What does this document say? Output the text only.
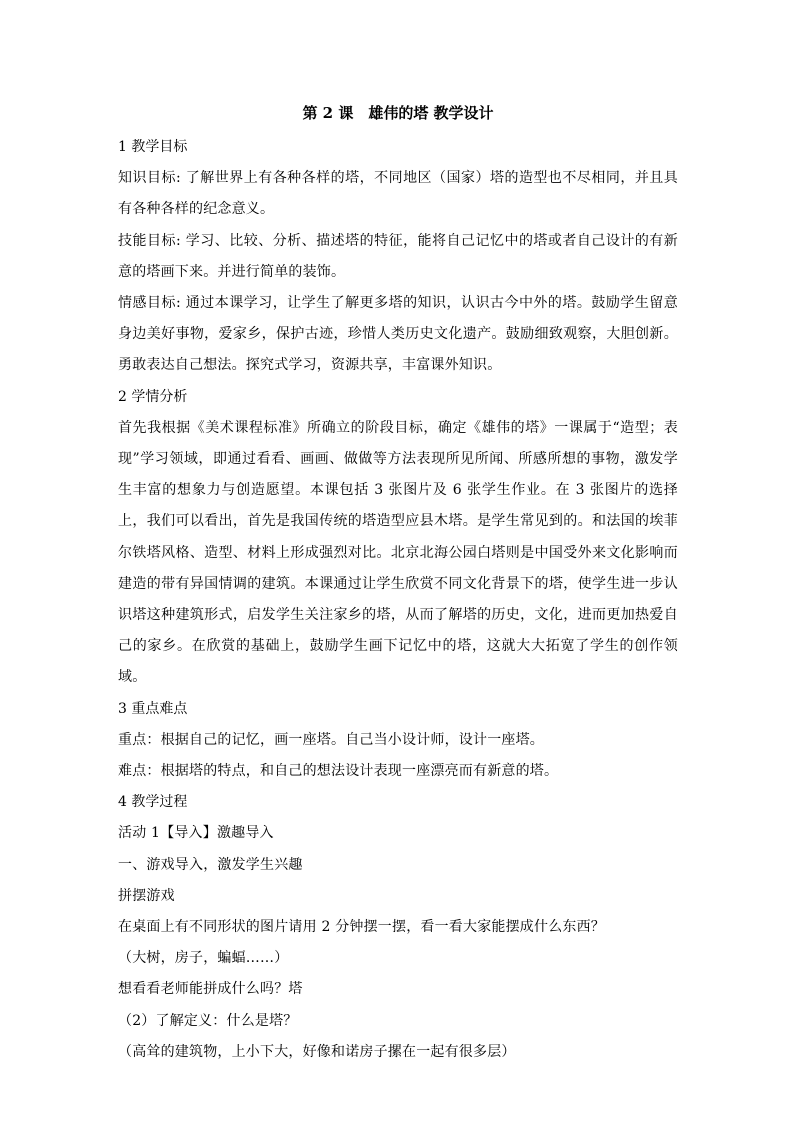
第 2 课　雄伟的塔 教学设计

1 教学目标

知识目标: 了解世界上有各种各样的塔，不同地区（国家）塔的造型也不尽相同，并且具有各种各样的纪念意义。

技能目标: 学习、比较、分析、描述塔的特征，能将自己记忆中的塔或者自己设计的有新意的塔画下来。并进行简单的装饰。

情感目标: 通过本课学习，让学生了解更多塔的知识，认识古今中外的塔。鼓励学生留意身边美好事物，爱家乡，保护古迹，珍惜人类历史文化遗产。鼓励细致观察，大胆创新。勇敢表达自己想法。探究式学习，资源共享，丰富课外知识。

2 学情分析

首先我根据《美术课程标准》所确立的阶段目标，确定《雄伟的塔》一课属于“造型；表现”学习领域，即通过看看、画画、做做等方法表现所见所闻、所感所想的事物，激发学生丰富的想象力与创造愿望。本课包括 3 张图片及 6 张学生作业。在 3 张图片的选择上，我们可以看出，首先是我国传统的塔造型应县木塔。是学生常见到的。和法国的埃菲尔铁塔风格、造型、材料上形成强烈对比。北京北海公园白塔则是中国受外来文化影响而建造的带有异国情调的建筑。本课通过让学生欣赏不同文化背景下的塔，使学生进一步认识塔这种建筑形式，启发学生关注家乡的塔，从而了解塔的历史，文化，进而更加热爱自己的家乡。在欣赏的基础上，鼓励学生画下记忆中的塔，这就大大拓宽了学生的创作领域。

3 重点难点

重点：根据自己的记忆，画一座塔。自己当小设计师，设计一座塔。

难点：根据塔的特点，和自己的想法设计表现一座漂亮而有新意的塔。

4 教学过程

活动 1【导入】激趣导入

一、游戏导入，激发学生兴趣

拼摆游戏

在桌面上有不同形状的图片请用 2 分钟摆一摆，看一看大家能摆成什么东西？

（大树，房子，蝙蝠……）

想看看老师能拼成什么吗？塔

（2）了解定义：什么是塔？

（高耸的建筑物，上小下大，好像和诺房子摞在一起有很多层）
